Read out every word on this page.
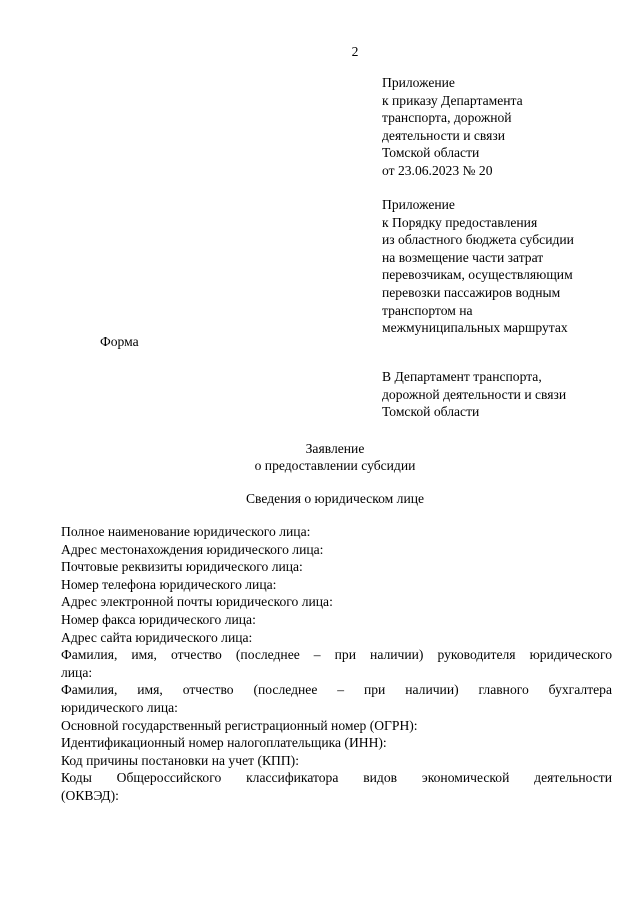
2
Приложение
к приказу Департамента
транспорта, дорожной
деятельности и связи
Томской области
от 23.06.2023 № 20
Приложение
к Порядку предоставления
из областного бюджета субсидии
на возмещение части затрат
перевозчикам, осуществляющим
перевозки пассажиров водным
транспортом на
межмуниципальных маршрутах
Форма
В Департамент транспорта,
дорожной деятельности и связи
Томской области
Заявление
о предоставлении субсидии
Сведения о юридическом лице
Полное наименование юридического лица:
Адрес местонахождения юридического лица:
Почтовые реквизиты юридического лица:
Номер телефона юридического лица:
Адрес электронной почты юридического лица:
Номер факса юридического лица:
Адрес сайта юридического лица:
Фамилия, имя, отчество (последнее – при наличии) руководителя юридического
лица:
Фамилия, имя, отчество (последнее – при наличии) главного бухгалтера
юридического лица:
Основной государственный регистрационный номер (ОГРН):
Идентификационный номер налогоплательщика (ИНН):
Код причины постановки на учет (КПП):
Коды Общероссийского классификатора видов экономической деятельности
(ОКВЭД):
